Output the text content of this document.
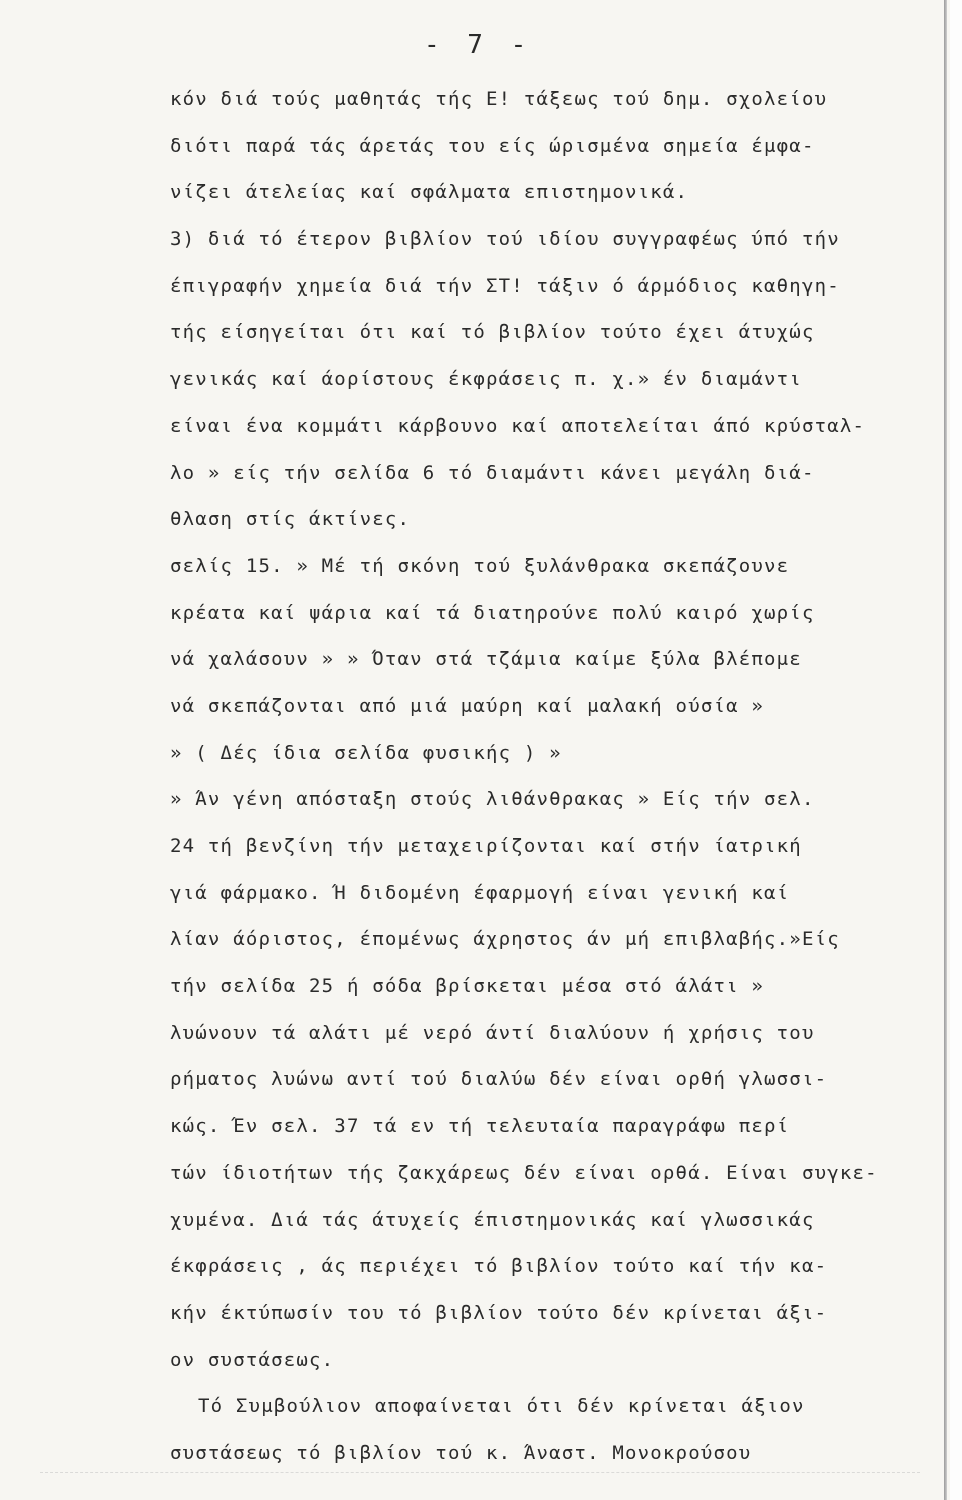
- 7 -
κόν διά τούς μαθητάς τής Ε! τάξεως τού δημ. σχολείου
διότι παρά τάς άρετάς του είς ώρισμένα σημεία έμφα-
νίζει άτελείας καί σφάλματα επιστημονικά.
3) διά τό έτερον βιβλίον τού ιδίου συγγραφέως ύπό τήν
έπιγραφήν χημεία διά τήν ΣΤ! τάξιν ό άρμόδιος καθηγη-
τής είσηγείται ότι καί τό βιβλίον τούτο έχει άτυχώς
γενικάς καί άορίστους έκφράσεις π. χ.» έν διαμάντι
είναι ένα κομμάτι κάρβουνο καί αποτελείται άπό κρύσταλ-
λο » είς τήν σελίδα 6 τό διαμάντι κάνει μεγάλη διά-
θλαση στίς άκτίνες.
σελίς 15. » Μέ τή σκόνη τού ξυλάνθρακα σκεπάζουνε
κρέατα καί ψάρια καί τά διατηρούνε πολύ καιρό χωρίς
νά χαλάσουν » » Όταν στά τζάμια καίμε ξύλα βλέπομε
νά σκεπάζονται από μιά μαύρη καί μαλακή ούσία »
» ( Δές ίδια σελίδα φυσικής ) »
» Άν γένη απόσταξη στούς λιθάνθρακας » Είς τήν σελ.
24 τή βενζίνη τήν μεταχειρίζονται καί στήν ίατρική
γιά φάρμακο. Ή διδομένη έφαρμογή είναι γενική καί
λίαν άόριστος, έπομένως άχρηστος άν μή επιβλαβής.»Είς
τήν σελίδα 25 ή σόδα βρίσκεται μέσα στό άλάτι »
λυώνουν τά αλάτι μέ νερό άντί διαλύουν ή χρήσις του
ρήματος λυώνω αντί τού διαλύω δέν είναι ορθή γλωσσι-
κώς. Έν σελ. 37 τά εν τή τελευταία παραγράφω περί
τών ίδιοτήτων τής ζακχάρεως δέν είναι ορθά. Είναι συγκε-
χυμένα. Διά τάς άτυχείς έπιστημονικάς καί γλωσσικάς
έκφράσεις , άς περιέχει τό βιβλίον τούτο καί τήν κα-
κήν έκτύπωσίν του τό βιβλίον τούτο δέν κρίνεται άξι-
ον συστάσεως.
Τό Συμβούλιον αποφαίνεται ότι δέν κρίνεται άξιον
συστάσεως τό βιβλίον τού κ. Άναστ. Μονοκρούσου
